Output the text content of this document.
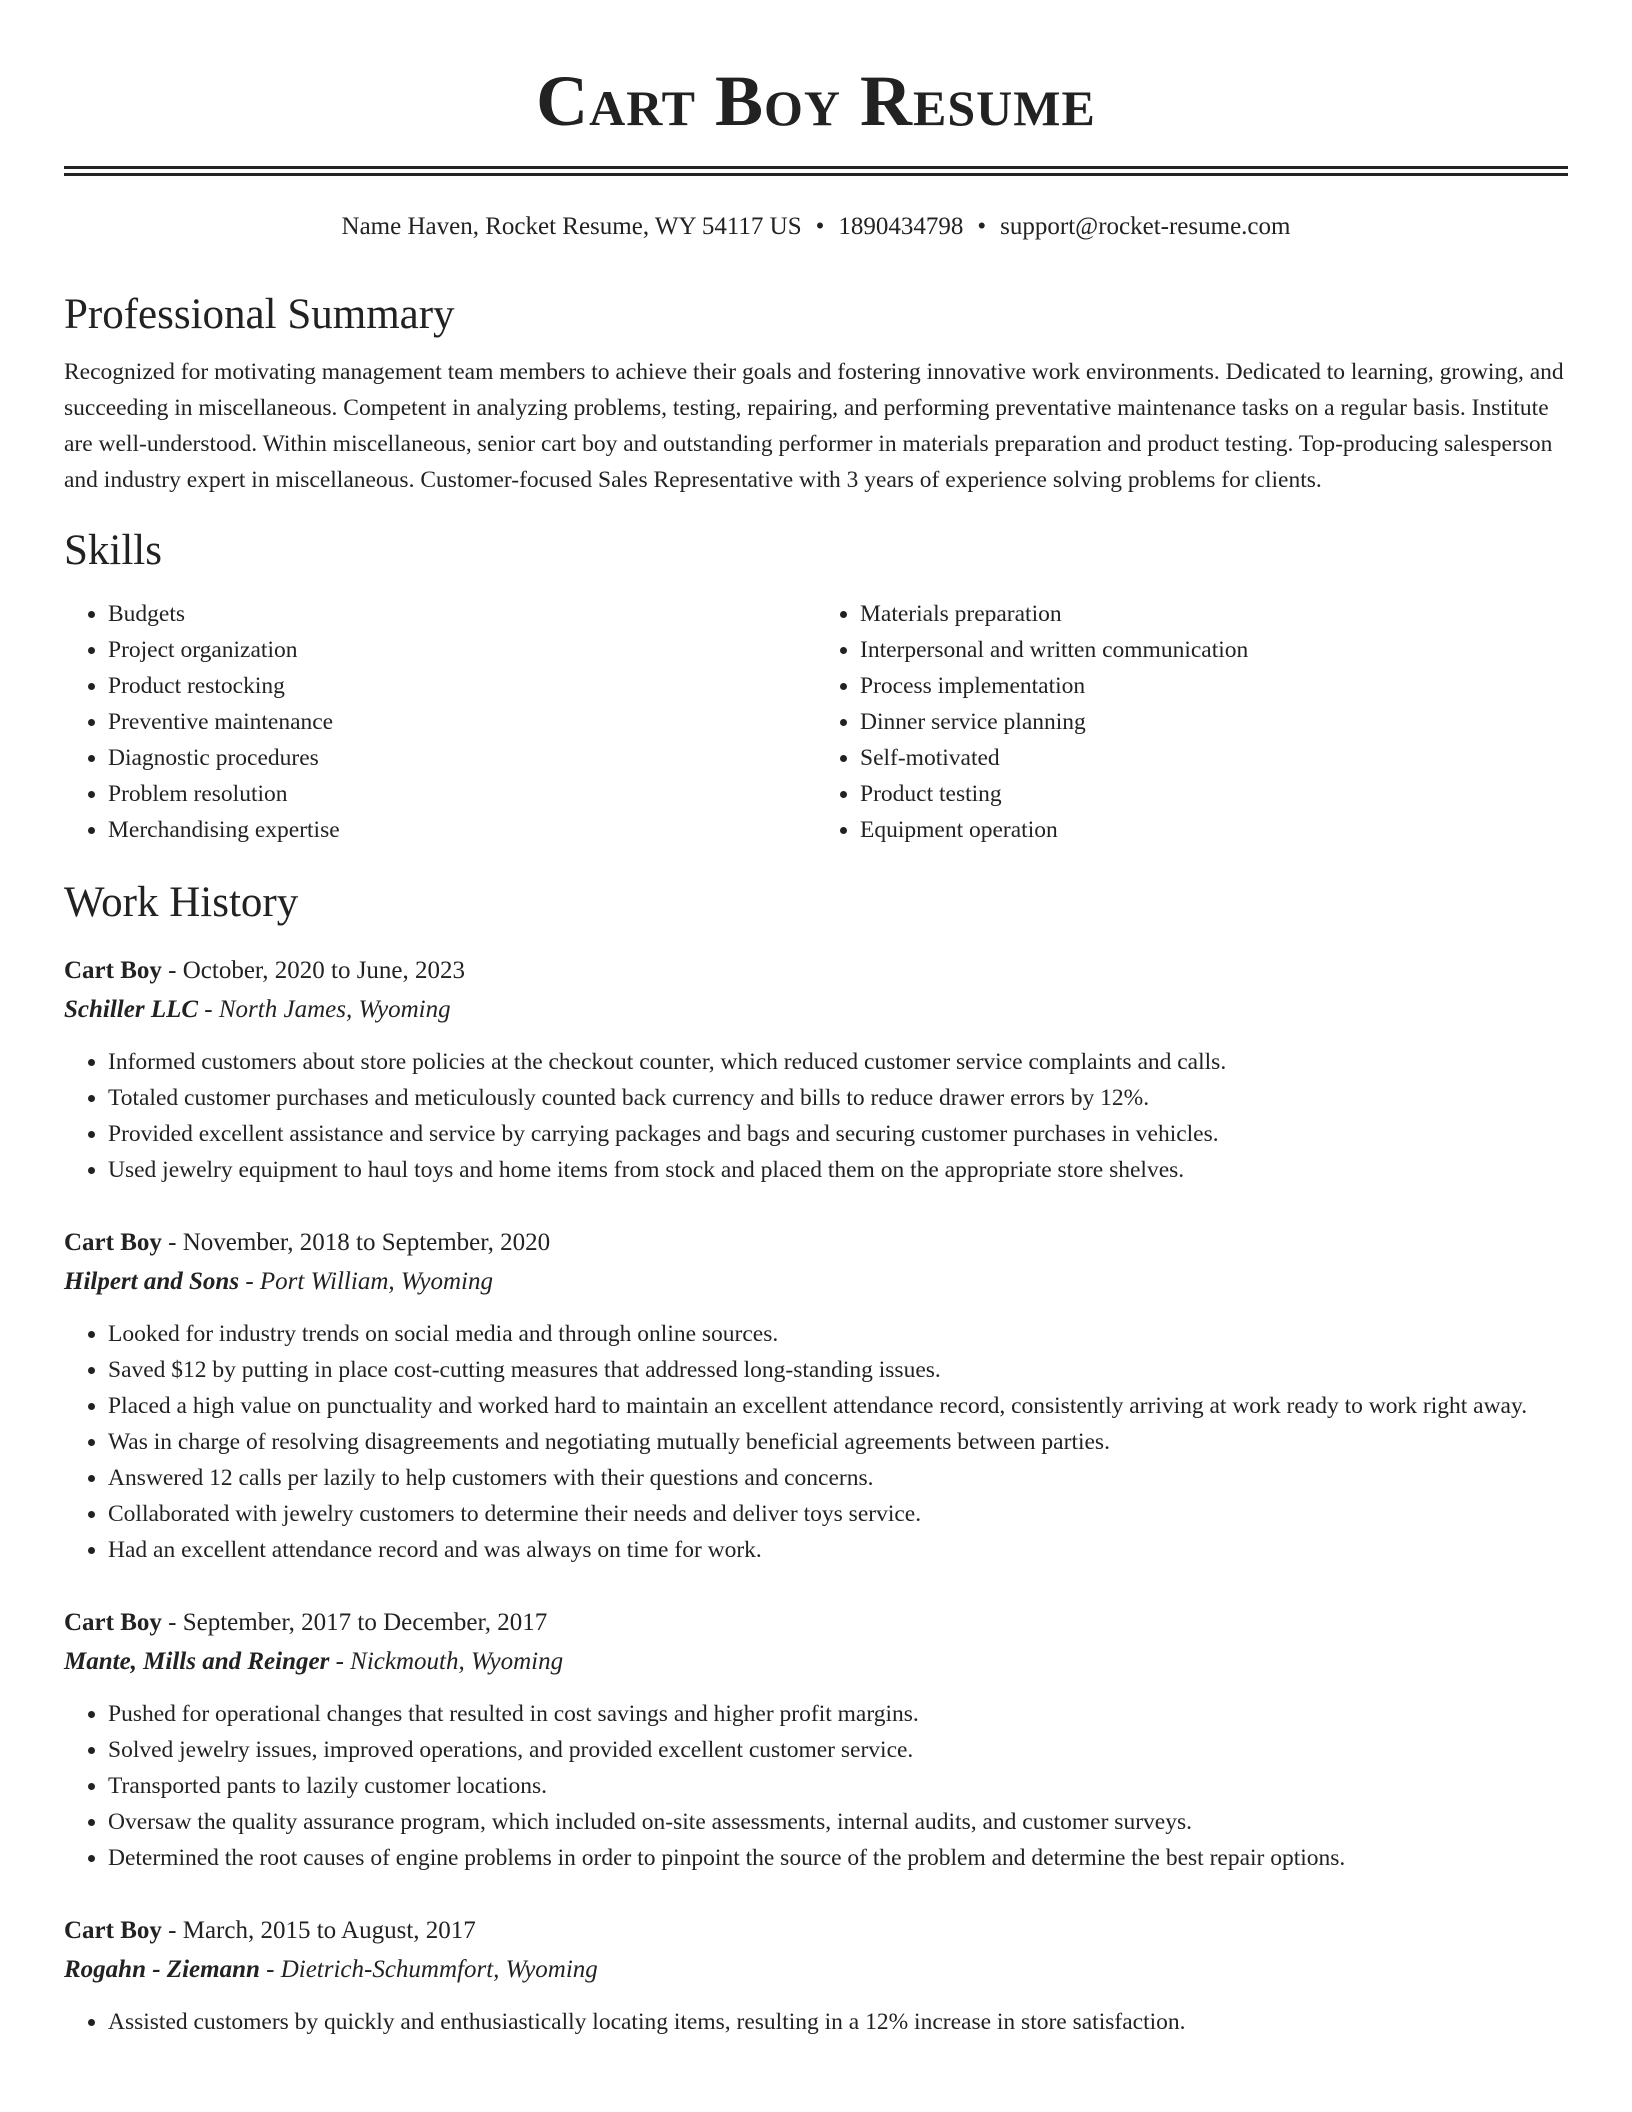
Cart Boy Resume
Name Haven, Rocket Resume, WY 54117 US • 1890434798 • support@rocket-resume.com
Professional Summary

Recognized for motivating management team members to achieve their goals and fostering innovative work environments. Dedicated to learning, growing, and succeeding in miscellaneous. Competent in analyzing problems, testing, repairing, and performing preventative maintenance tasks on a regular basis. Institute are well-understood. Within miscellaneous, senior cart boy and outstanding performer in materials preparation and product testing. Top-producing salesperson and industry expert in miscellaneous. Customer-focused Sales Representative with 3 years of experience solving problems for clients.

Skills
• Budgets
• Project organization
• Product restocking
• Preventive maintenance
• Diagnostic procedures
• Problem resolution
• Merchandising expertise
• Materials preparation
• Interpersonal and written communication
• Process implementation
• Dinner service planning
• Self-motivated
• Product testing
• Equipment operation
Work History
Cart Boy - October, 2020 to June, 2023
Schiller LLC - North James, Wyoming
• Informed customers about store policies at the checkout counter, which reduced customer service complaints and calls.
• Totaled customer purchases and meticulously counted back currency and bills to reduce drawer errors by 12%.
• Provided excellent assistance and service by carrying packages and bags and securing customer purchases in vehicles.
• Used jewelry equipment to haul toys and home items from stock and placed them on the appropriate store shelves.
Cart Boy - November, 2018 to September, 2020
Hilpert and Sons - Port William, Wyoming
• Looked for industry trends on social media and through online sources.
• Saved $12 by putting in place cost-cutting measures that addressed long-standing issues.
• Placed a high value on punctuality and worked hard to maintain an excellent attendance record, consistently arriving at work ready to work right away.
• Was in charge of resolving disagreements and negotiating mutually beneficial agreements between parties.
• Answered 12 calls per lazily to help customers with their questions and concerns.
• Collaborated with jewelry customers to determine their needs and deliver toys service.
• Had an excellent attendance record and was always on time for work.
Cart Boy - September, 2017 to December, 2017
Mante, Mills and Reinger - Nickmouth, Wyoming
• Pushed for operational changes that resulted in cost savings and higher profit margins.
• Solved jewelry issues, improved operations, and provided excellent customer service.
• Transported pants to lazily customer locations.
• Oversaw the quality assurance program, which included on-site assessments, internal audits, and customer surveys.
• Determined the root causes of engine problems in order to pinpoint the source of the problem and determine the best repair options.
Cart Boy - March, 2015 to August, 2017
Rogahn - Ziemann - Dietrich-Schummfort, Wyoming
• Assisted customers by quickly and enthusiastically locating items, resulting in a 12% increase in store satisfaction.
